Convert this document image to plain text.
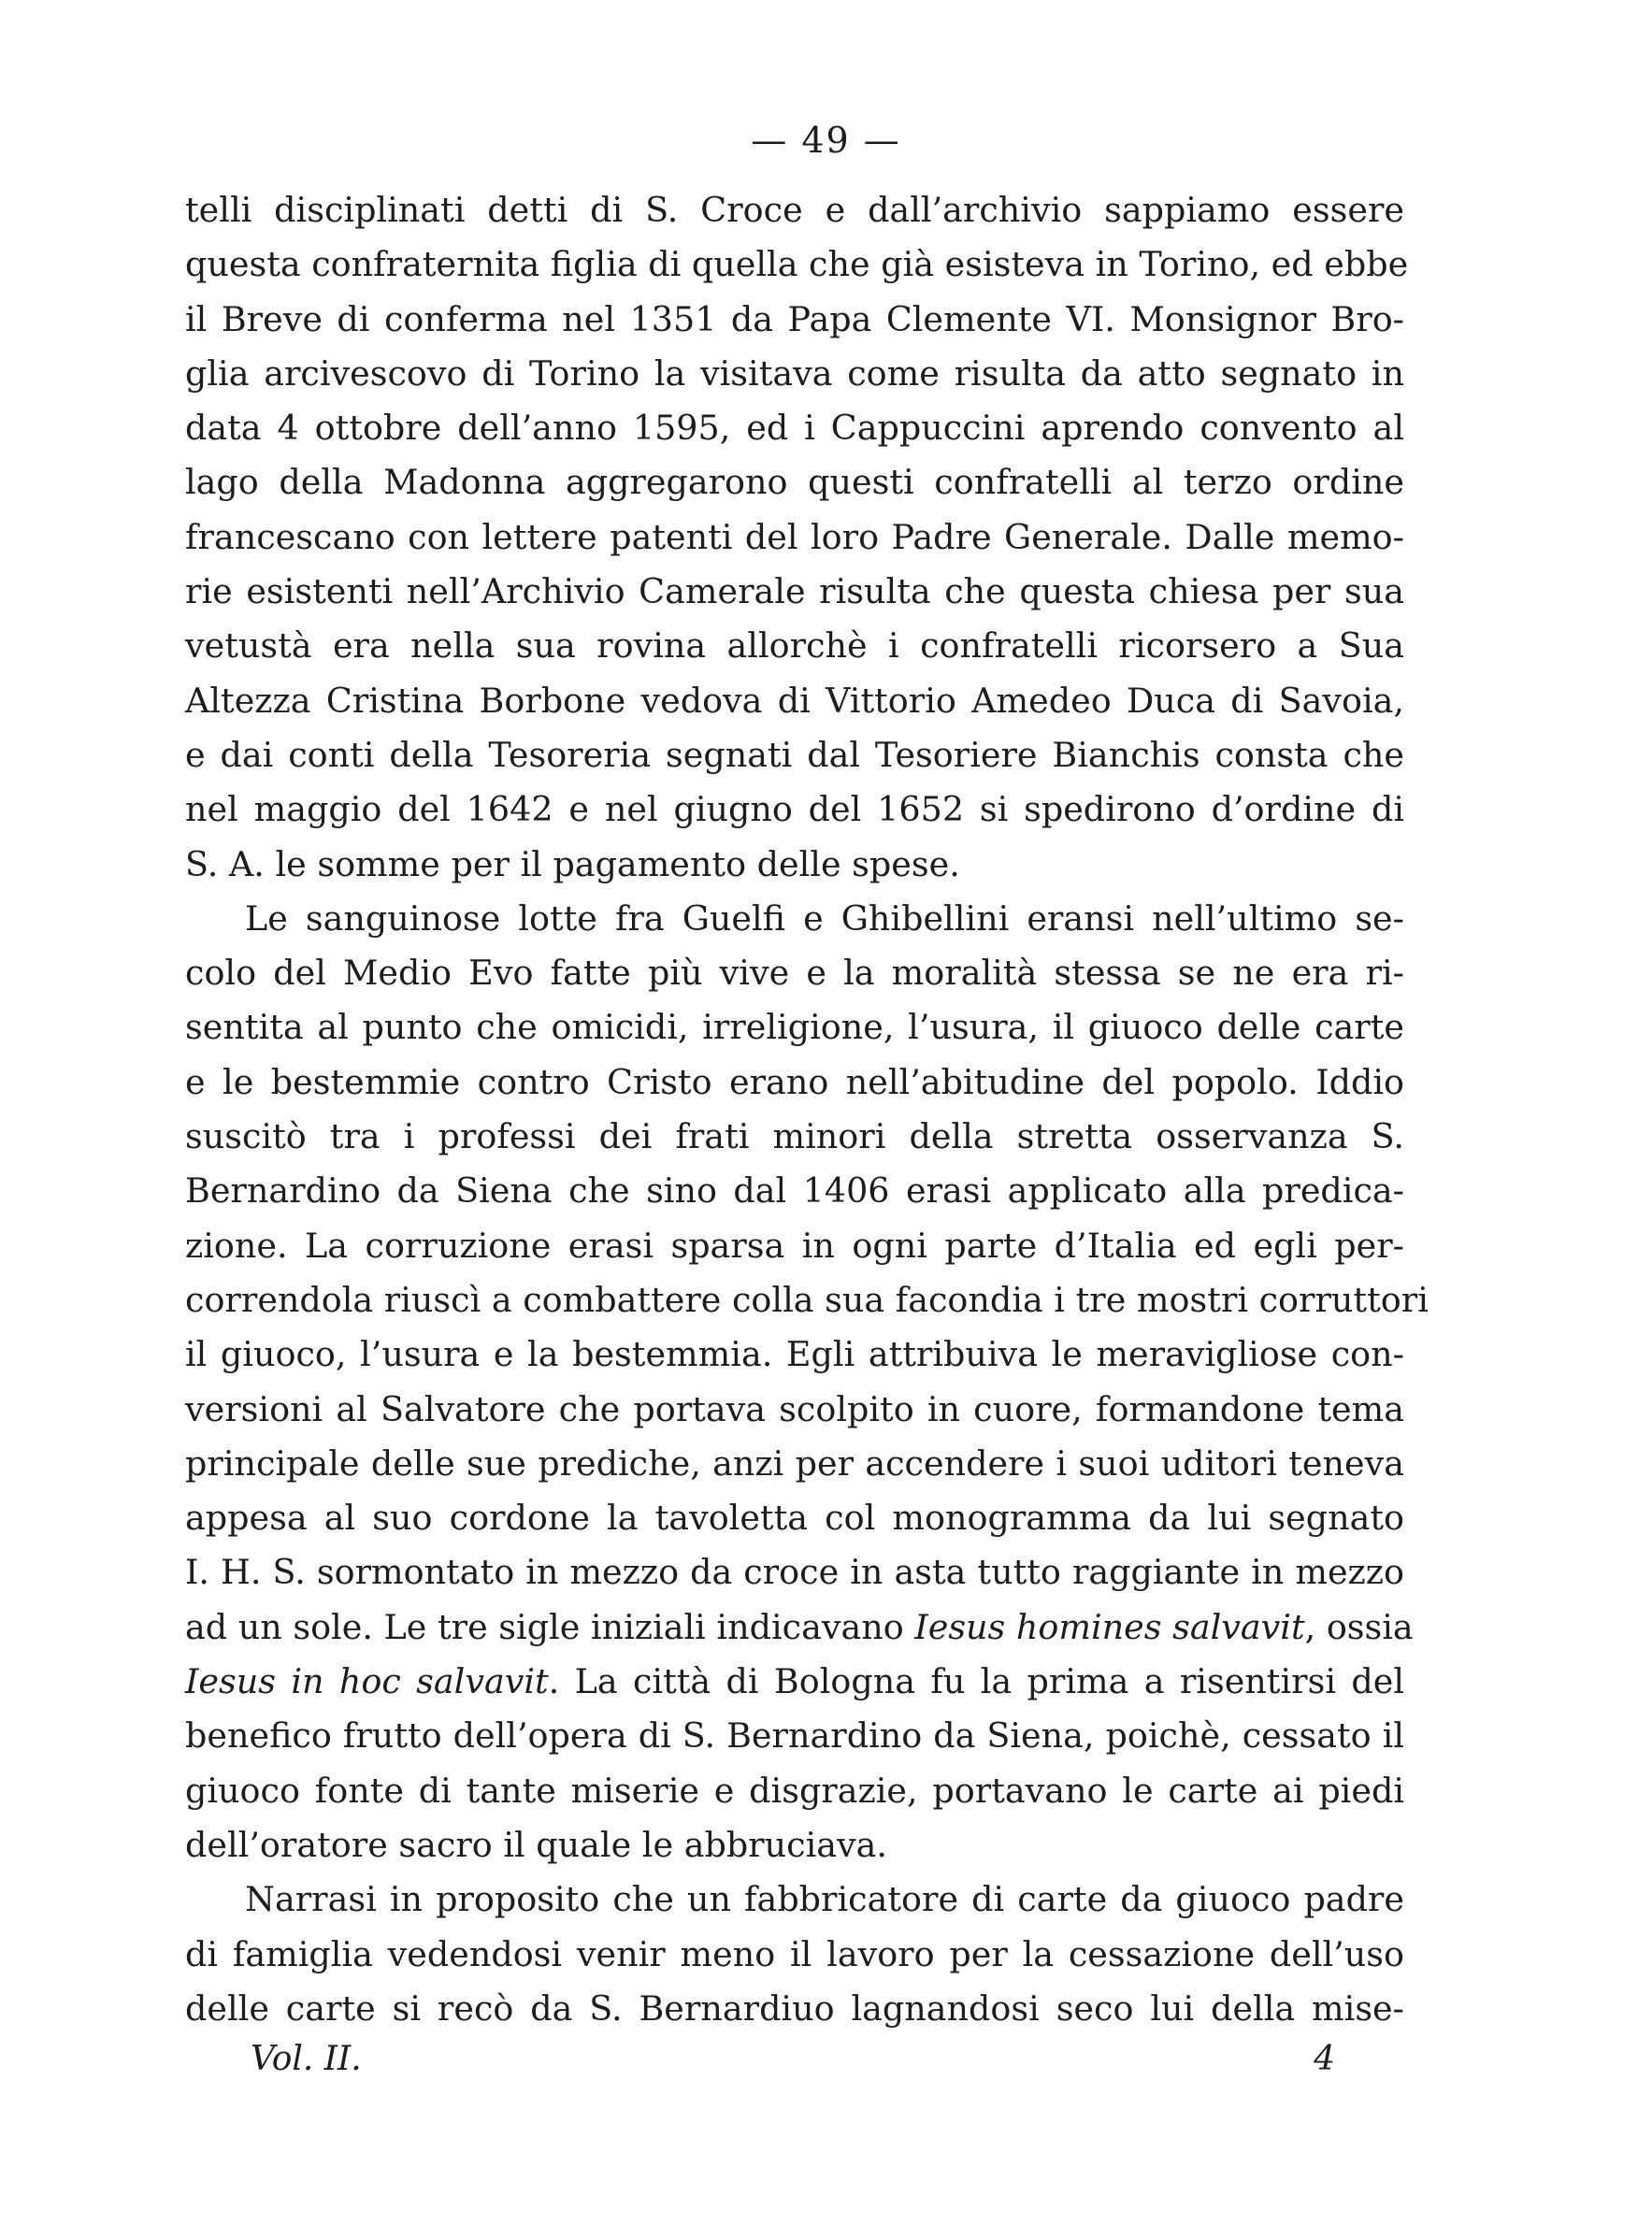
— 49 —
telli disciplinati detti di S. Croce e dall’archivio sappiamo essere
questa confraternita figlia di quella che già esisteva in Torino, ed ebbe
il Breve di conferma nel 1351 da Papa Clemente VI. Monsignor Bro-
glia arcivescovo di Torino la visitava come risulta da atto segnato in
data 4 ottobre dell’anno 1595, ed i Cappuccini aprendo convento al
lago della Madonna aggregarono questi confratelli al terzo ordine
francescano con lettere patenti del loro Padre Generale. Dalle memo-
rie esistenti nell’Archivio Camerale risulta che questa chiesa per sua
vetustà era nella sua rovina allorchè i confratelli ricorsero a Sua
Altezza Cristina Borbone vedova di Vittorio Amedeo Duca di Savoia,
e dai conti della Tesoreria segnati dal Tesoriere Bianchis consta che
nel maggio del 1642 e nel giugno del 1652 si spedirono d’ordine di
S. A. le somme per il pagamento delle spese.
Le sanguinose lotte fra Guelfi e Ghibellini eransi nell’ultimo se-
colo del Medio Evo fatte più vive e la moralità stessa se ne era ri-
sentita al punto che omicidi, irreligione, l’usura, il giuoco delle carte
e le bestemmie contro Cristo erano nell’abitudine del popolo. Iddio
suscitò tra i professi dei frati minori della stretta osservanza S.
Bernardino da Siena che sino dal 1406 erasi applicato alla predica-
zione. La corruzione erasi sparsa in ogni parte d’Italia ed egli per-
correndola riuscì a combattere colla sua facondia i tre mostri corruttori
il giuoco, l’usura e la bestemmia. Egli attribuiva le meravigliose con-
versioni al Salvatore che portava scolpito in cuore, formandone tema
principale delle sue prediche, anzi per accendere i suoi uditori teneva
appesa al suo cordone la tavoletta col monogramma da lui segnato
I. H. S. sormontato in mezzo da croce in asta tutto raggiante in mezzo
ad un sole. Le tre sigle iniziali indicavano Iesus homines salvavit, ossia
Iesus in hoc salvavit. La città di Bologna fu la prima a risentirsi del
benefico frutto dell’opera di S. Bernardino da Siena, poichè, cessato il
giuoco fonte di tante miserie e disgrazie, portavano le carte ai piedi
dell’oratore sacro il quale le abbruciava.
Narrasi in proposito che un fabbricatore di carte da giuoco padre
di famiglia vedendosi venir meno il lavoro per la cessazione dell’uso
delle carte si recò da S. Bernardiuo lagnandosi seco lui della mise-
Vol. II.	4
